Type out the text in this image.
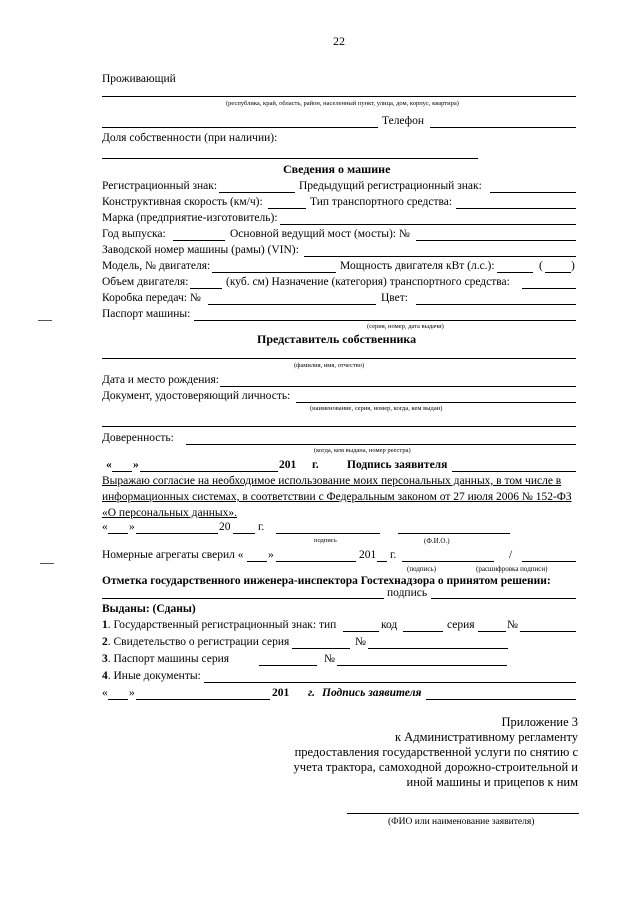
22
Проживающий
(республика, край, область, район, населенный пункт, улица, дом, корпус, квартира)
Телефон
Доля собственности (при наличии):
Сведения о машине
Регистрационный знак:	Предыдущий регистрационный знак:
Конструктивная скорость (км/ч):	Тип транспортного средства:
Марка (предприятие-изготовитель):
Год выпуска:	Основной ведущий мост (мосты): №
Заводской номер машины (рамы) (VIN):
Модель, № двигателя:	Мощность двигателя кВт (л.с.):	( )
Объем двигателя:	(куб. см) Назначение (категория) транспортного средства:
Коробка передач: №	Цвет:
Паспорт машины:
(серия, номер, дата выдачи)
Представитель собственника
(фамилия, имя, отчество)
Дата и место рождения:
Документ, удостоверяющий личность:
(наименование, серия, номер, когда, кем выдан)
Доверенность:
(когда, кем выдана, номер реестра)
« »	201 г. Подпись заявителя
Выражаю согласие на необходимое использование моих персональных данных, в том числе в
информационных системах, в соответствии с Федеральным законом от 27 июля 2006 № 152-ФЗ
«О персональных данных».
« »	20 г.
подпись	(Ф.И.О.)
Номерные агрегаты сверил « »	201 г.	/
(подпись)	(расшифровка подписи)
Отметка государственного инженера-инспектора Гостехнадзора о принятом решении:
подпись
Выданы: (Сданы)
1. Государственный регистрационный знак: тип	код	серия	№
2. Свидетельство о регистрации серия	№
3. Паспорт машины серия	№
4. Иные документы:
« »	201 г. Подпись заявителя
Приложение 3
к Административному регламенту
предоставления государственной услуги по снятию с
учета трактора, самоходной дорожно-строительной и
иной машины и прицепов к ним
(ФИО или наименование заявителя)
